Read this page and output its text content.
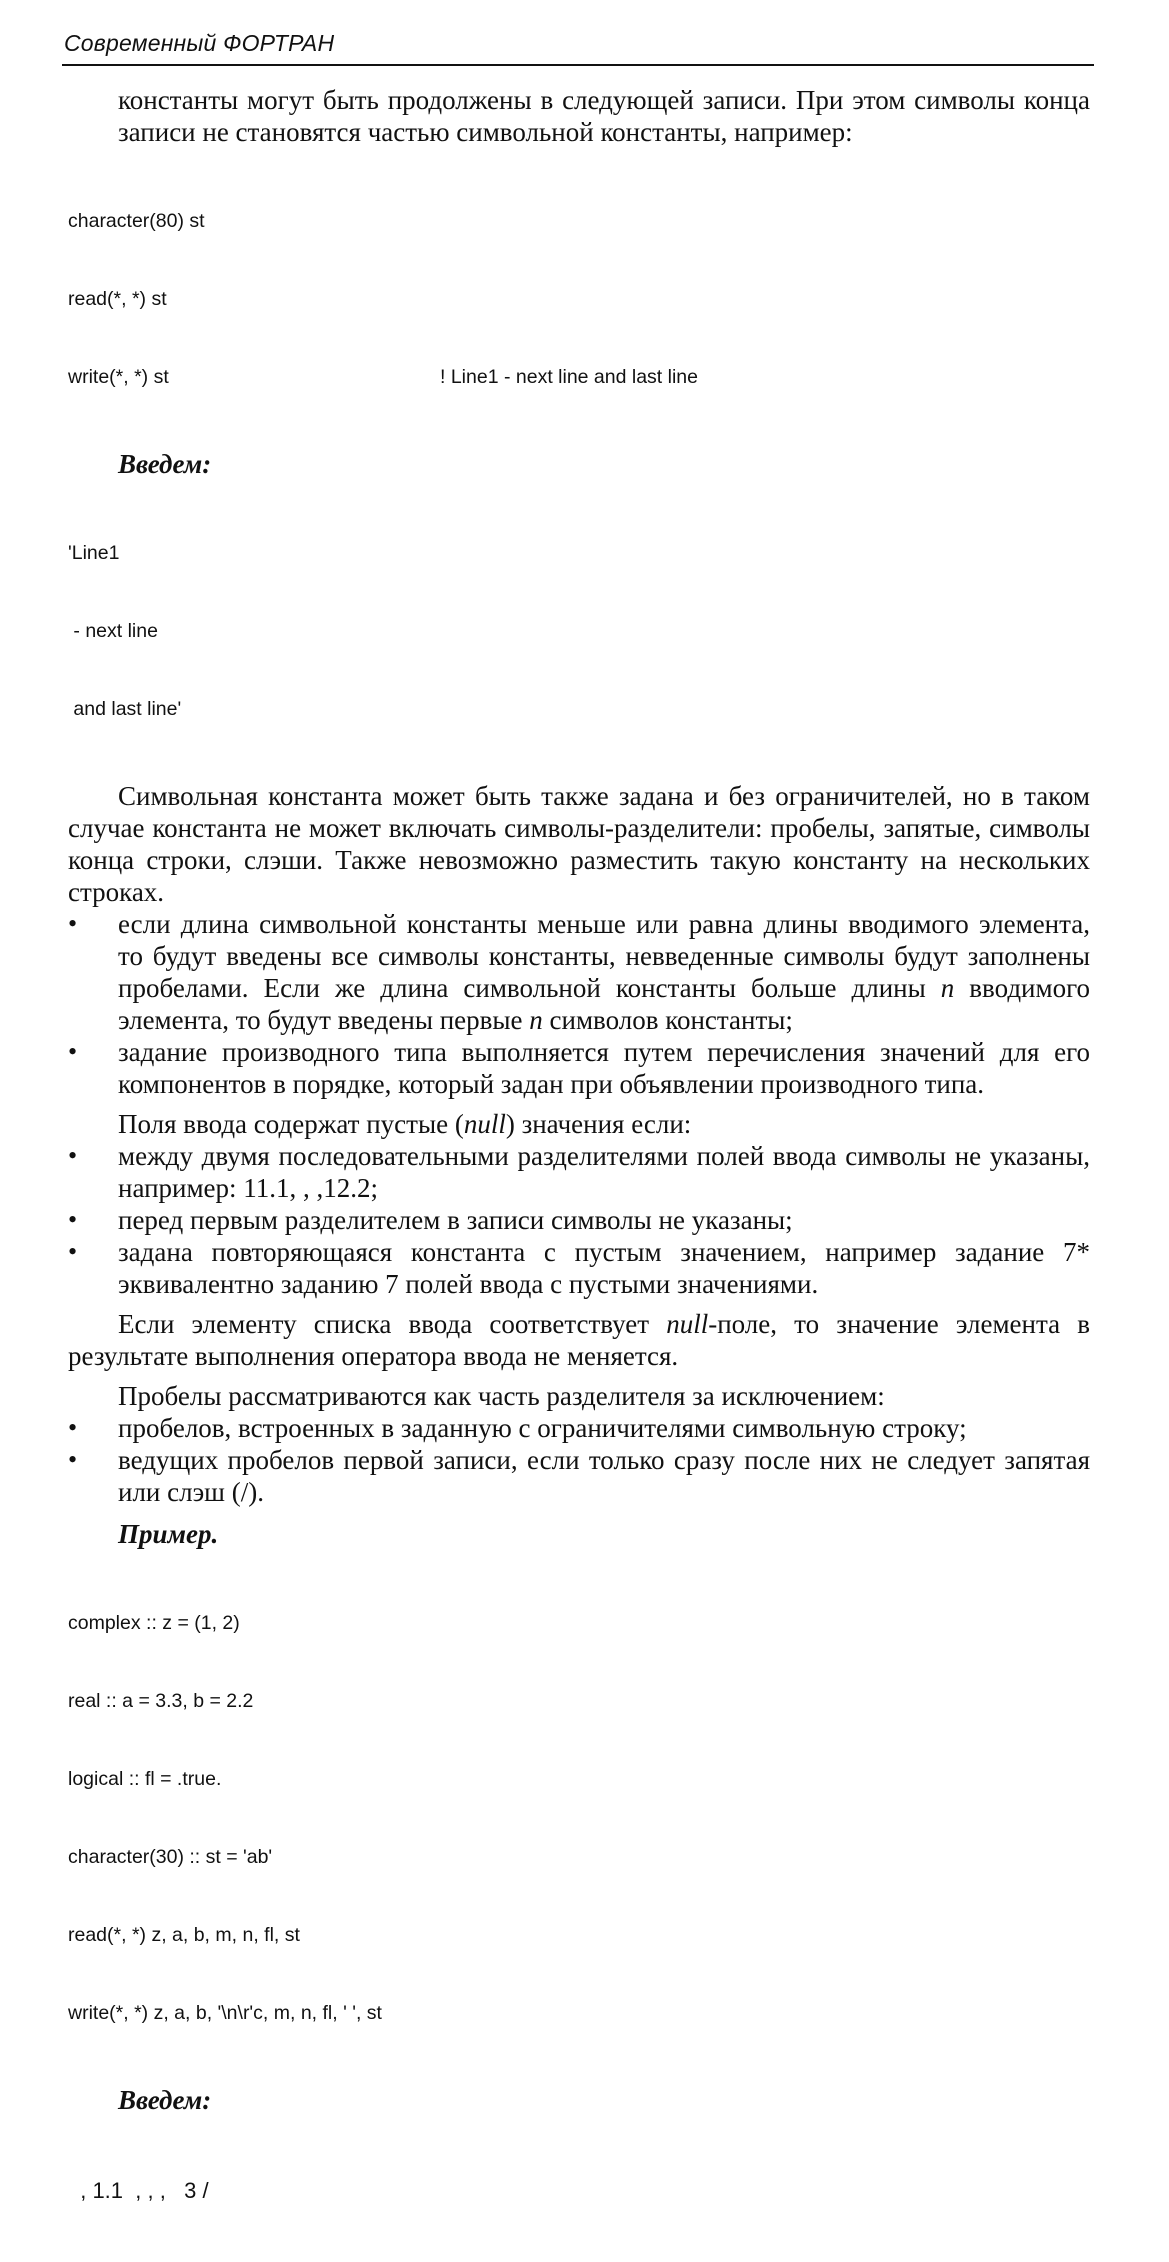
Современный ФОРТРАН

константы могут быть продолжены в следующей записи. При этом символы конца записи не становятся частью символьной константы, например:

character(80) st

read(*, *) st

write(*, *) st	! Line1 - next line and last line

Введем:

'Line1

- next line

and last line'

Символьная константа может быть также задана и без ограничителей, но в таком случае константа не может включать символы-разделители: пробелы, запятые, символы конца строки, слэши. Также невозможно разместить такую константу на нескольких строках.

• если длина символьной константы меньше или равна длины вводимого элемента, то будут введены все символы константы, невведенные символы будут заполнены пробелами. Если же длина символьной константы больше длины n вводимого элемента, то будут введены первые n символов константы;
• задание производного типа выполняется путем перечисления значений для его компонентов в порядке, который задан при объявлении производного типа.

Поля ввода содержат пустые (null) значения если:

• между двумя последовательными разделителями полей ввода символы не указаны, например: 11.1, , ,12.2;
• перед первым разделителем в записи символы не указаны;
• задана повторяющаяся константа с пустым значением, например задание 7* эквивалентно заданию 7 полей ввода с пустыми значениями.

Если элементу списка ввода соответствует null-поле, то значение элемента в результате выполнения оператора ввода не меняется.

Пробелы рассматриваются как часть разделителя за исключением:

• пробелов, встроенных в заданную с ограничителями символьную строку;
• ведущих пробелов первой записи, если только сразу после них не следует запятая или слэш (/).

Пример.

complex :: z = (1, 2)

real :: a = 3.3, b = 2.2

logical :: fl = .true.

character(30) :: st = 'ab'

read(*, *) z, a, b, m, n, fl, st

write(*, *) z, a, b, '\n\r'c, m, n, fl, ' ', st

Введем:

, 1.1  , , ,   3 /
